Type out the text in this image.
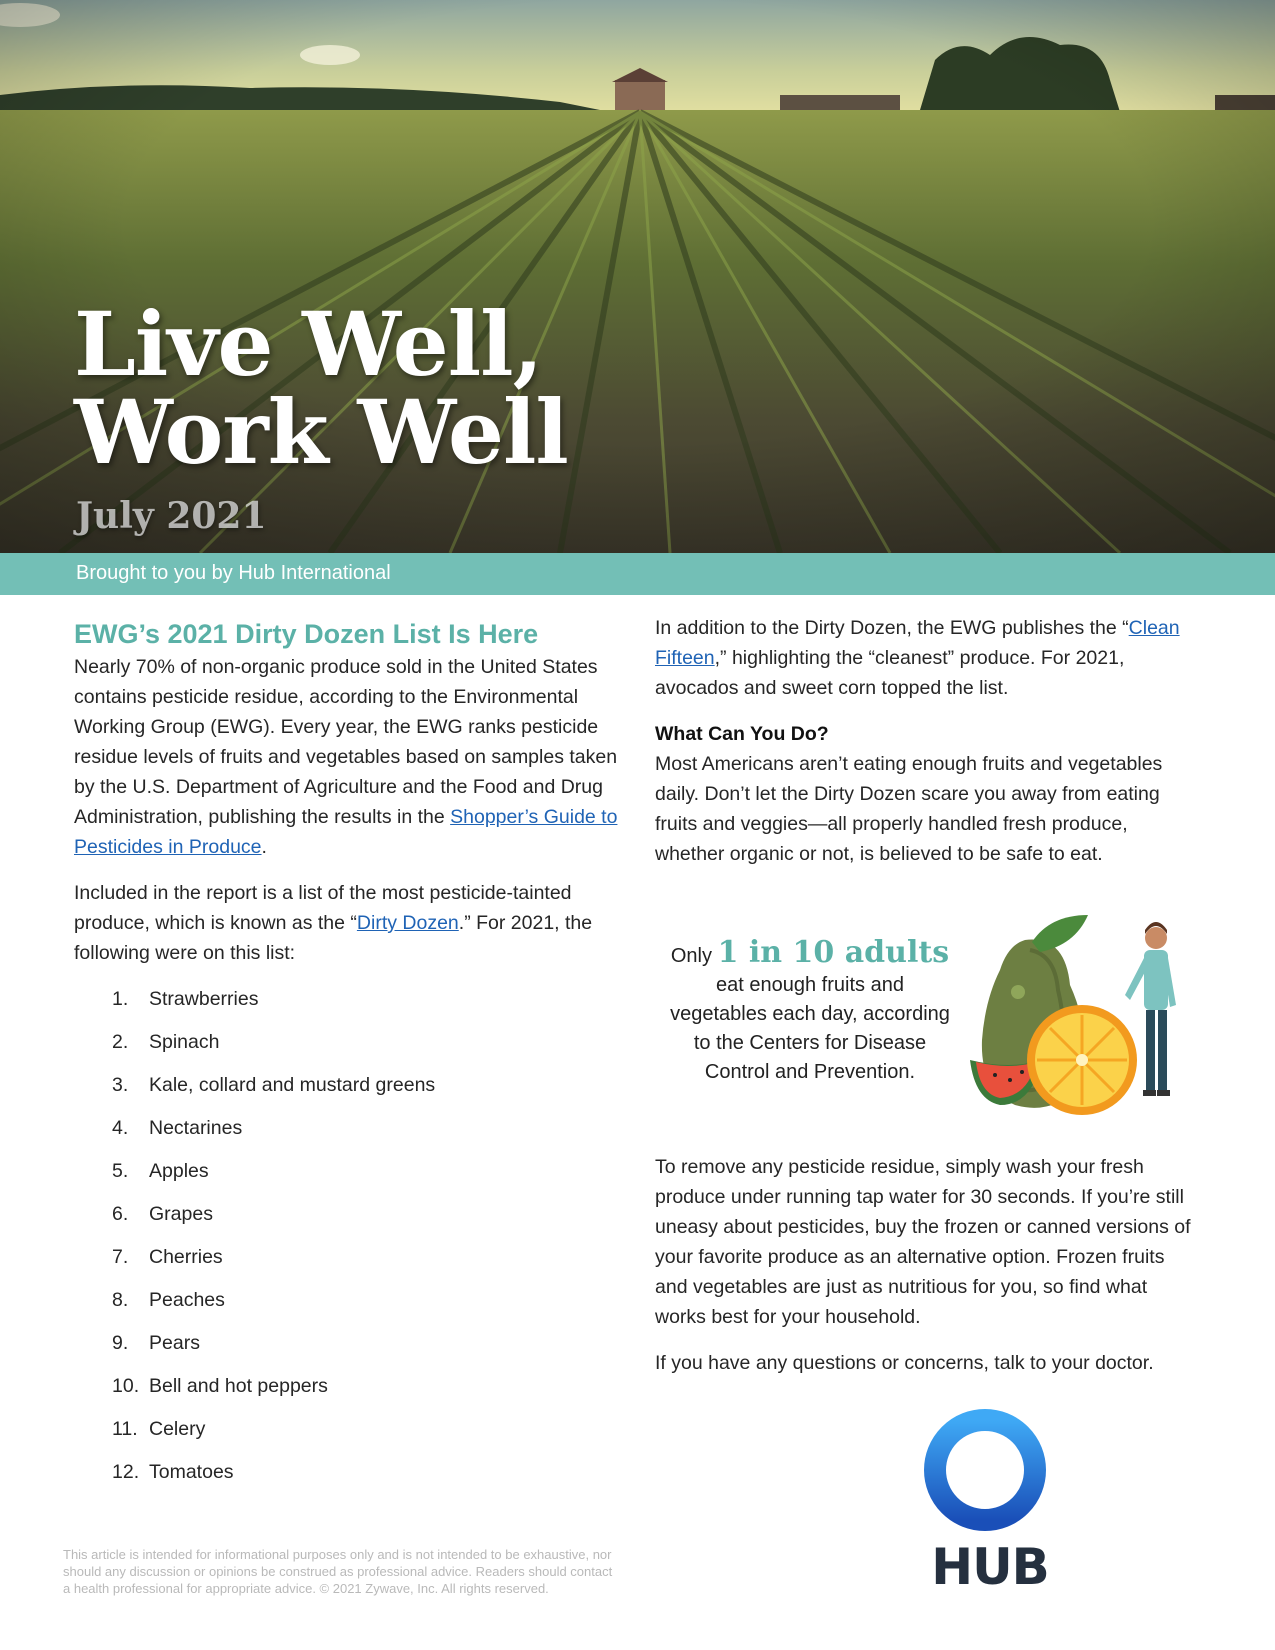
Live Well,
Work Well
July 2021
Brought to you by Hub International
EWG’s 2021 Dirty Dozen List Is Here

Nearly 70% of non-organic produce sold in the United States contains pesticide residue, according to the Environmental Working Group (EWG). Every year, the EWG ranks pesticide residue levels of fruits and vegetables based on samples taken by the U.S. Department of Agriculture and the Food and Drug Administration, publishing the results in the Shopper’s Guide to Pesticides in Produce.

Included in the report is a list of the most pesticide-tainted produce, which is known as the “Dirty Dozen.” For 2021, the following were on this list:

1.	Strawberries
2.	Spinach
3.	Kale, collard and mustard greens
4.	Nectarines
5.	Apples
6.	Grapes
7.	Cherries
8.	Peaches
9.	Pears
10. Bell and hot peppers
11. Celery
12. Tomatoes
This article is intended for informational purposes only and is not intended to be exhaustive, nor should any discussion or opinions be construed as professional advice. Readers should contact a health professional for appropriate advice. © 2021 Zywave, Inc. All rights reserved.

In addition to the Dirty Dozen, the EWG publishes the “Clean Fifteen,” highlighting the “cleanest” produce. For 2021, avocados and sweet corn topped the list.

What Can You Do?

Most Americans aren’t eating enough fruits and vegetables daily. Don’t let the Dirty Dozen scare you away from eating fruits and veggies—all properly handled fresh produce, whether organic or not, is believed to be safe to eat.

Only 1 in 10 adults
eat enough fruits and
vegetables each day, according
to the Centers for Disease
Control and Prevention.

To remove any pesticide residue, simply wash your fresh produce under running tap water for 30 seconds. If you’re still uneasy about pesticides, buy the frozen or canned versions of your favorite produce as an alternative option. Frozen fruits and vegetables are just as nutritious for you, so find what works best for your household.

If you have any questions or concerns, talk to your doctor.

HUB
